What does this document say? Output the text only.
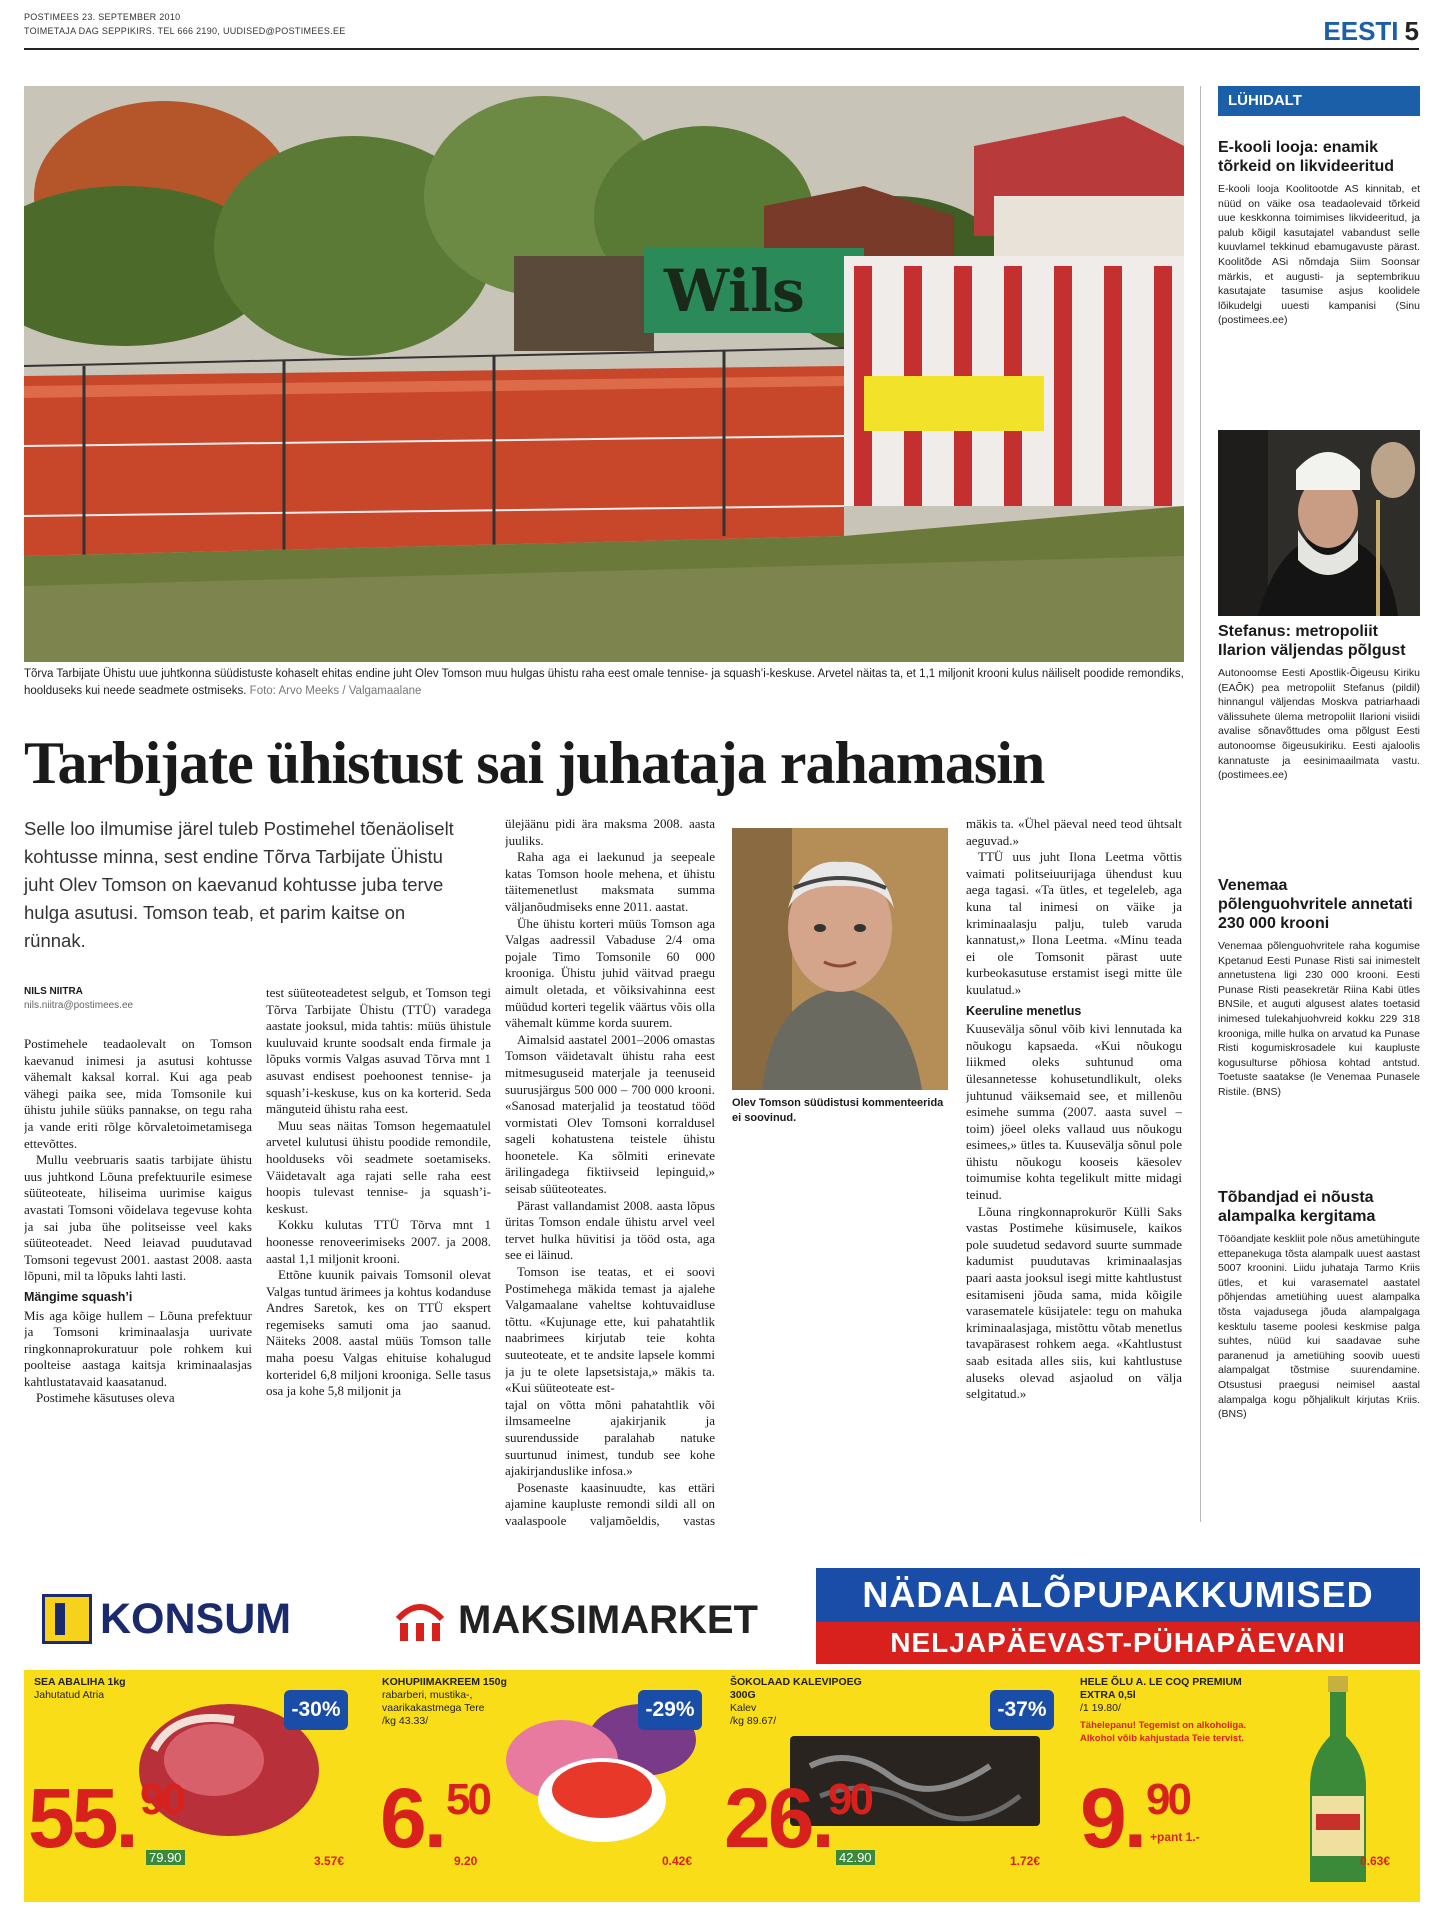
POSTIMEES 23. SEPTEMBER 2010
TOIMETAJA DAG SEPPIKIRS. TEL 666 2190, UUDISED@POSTIMEES.EE	EESTI 5
Wils
Tõrva Tarbijate Ühistu uue juhtkonna süüdistuste kohaselt ehitas endine juht Olev Tomson muu hulgas ühistu raha eest omale tennise- ja squash’i-keskuse. Arvetel näitas ta, et 1,1 miljonit krooni kulus näiliselt poodide remondiks, hoolduseks kui neede seadmete ostmiseks. Foto: Arvo Meeks / Valgamaalane
Tarbijate ühistust sai juhataja rahamasin
Selle loo ilmumise järel tuleb Postimehel tõenäoliselt kohtusse minna, sest endine Tõrva Tarbijate Ühistu juht Olev Tomson on kaevanud kohtusse juba terve hulga asutusi. Tomson teab, et parim kaitse on rünnak.
NILS NIITRA
nils.niitra@postimees.ee

Postimehele teadaolevalt on Tomson kaevanud inimesi ja asutusi kohtusse vähemalt kaksal korral. Kui aga peab vähegi paika see, mida Tomsonile kui ühistu juhile süüks pannakse, on tegu raha ja vande eriti rõlge kõrvaletoimetamisega ettevõttes.

Mullu veebruaris saatis tarbijate ühistu uus juhtkond Lõuna prefektuurile esimese süüteoteate, hiliseima uurimise kaigus avastati Tomsoni võidelava tegevuse kohta ja sai juba ühe politseisse veel kaks süüteoteadet. Need leiavad puudutavad Tomsoni tegevust 2001. aastast 2008. aasta lõpuni, mil ta lõpuks lahti lasti.

Mängime squash’i

Mis aga kõige hullem – Lõuna prefektuur ja Tomsoni kriminaalasja uurivate ringkonnaprokuratuur pole rohkem kui poolteise aastaga kaitsja kriminaalasjas kahtlustatavaid kaasatanud.

Postimehe käsutuses oleva

test süüteoteadetest selgub, et Tomson tegi Tõrva Tarbijate Ühistu (TTÜ) varadega aastate jooksul, mida tahtis: müüs ühistule kuuluvaid krunte soodsalt enda firmale ja lõpuks vormis Valgas asuvad Tõrva mnt 1 asuvast endisest poehoonest tennise- ja squash’i-keskuse, kus on ka korterid. Seda mänguteid ühistu raha eest.

Muu seas näitas Tomson hegemaatulel arvetel kulutusi ühistu poodide remondile, hoolduseks või seadmete soetamiseks. Väidetavalt aga rajati selle raha eest hoopis tulevast tennise- ja squash’i-keskust.

Kokku kulutas TTÜ Tõrva mnt 1 hoonesse renoveerimiseks 2007. ja 2008. aastal 1,1 miljonit krooni.

Ettõne kuunik paivais Tomsonil olevat Valgas tuntud ärimees ja kohtus kodanduse Andres Saretok, kes on TTÜ ekspert regemiseks samuti oma jao saanud. Näiteks 2008. aastal müüs Tomson talle maha poesu Valgas ehituise kohalugud korteridel 6,8 miljoni krooniga. Selle tasus osa ja kohe 5,8 miljonit ja

ülejäänu pidi ära maksma 2008. aasta juuliks.

Raha aga ei laekunud ja seepeale katas Tomson hoole mehena, et ühistu täitemenetlust maksmata summa väljanõudmiseks enne 2011. aastat.

Ühe ühistu korteri müüs Tomson aga Valgas aadressil Vabaduse 2/4 oma pojale Timo Tomsonile 60 000 krooniga. Ühistu juhid väitvad praegu aimult oletada, et võiksivahinna eest müüdud korteri tegelik väärtus võis olla vähemalt kümme korda suurem.

Aimalsid aastatel 2001–2006 omastas Tomson väidetavalt ühistu raha eest mitmesuguseid materjale ja teenuseid suurusjärgus 500 000 – 700 000 krooni. «Sanosad materjalid ja teostatud tööd vormistati Olev Tomsoni korraldusel sageli kohatustena teistele ühistu hoonetele. Ka sõlmiti erinevate ärilingadega fiktiivseid lepinguid,» seisab süüteoteates.

Pärast vallandamist 2008. aasta lõpus üritas Tomson endale ühistu arvel veel tervet hulka hüvitisi ja tööd osta, aga see ei läinud.

Tomson ise teatas, et ei soovi Postimehega mäkida temast ja ajalehe Valgamaalane vaheltse kohtuvaidluse tõttu. «Kujunage ette, kui pahatahtlik naabrimees kirjutab teie kohta suuteoteate, et te andsite lapsele kommi ja ju te olete lapsetsistaja,» mäkis ta. «Kui süüteoteate est-

tajal on võtta mõni pahatahtlik või ilmsameelne ajakirjanik ja suurendusside paralahab natuke suurtunud inimest, tundub see kohe ajakirjanduslike infosa.»

Posenaste kaasinuudte, kas ettäri ajamine kaupluste remondi sildi all on vaalaspoole valjamõeldis, vastas

Olev Tomson süüdistusi kommenteerida ei soovinud.

mäkis ta. «Ühel päeval need teod ühtsalt aeguvad.»

TTÜ uus juht Ilona Leetma võttis vaimati politseiuurijaga ühendust kuu aega tagasi. «Ta ütles, et tegeleleb, aga kuna tal inimesi on väike ja kriminaalasju palju, tuleb varuda kannatust,» Ilona Leetma. «Minu teada ei ole Tomsonit pärast uute kurbeokasutuse erstamist isegi mitte üle kuulatud.»

Keeruline menetlus

Kuusevälja sõnul võib kivi lennutada ka nõukogu kapsaeda. «Kui nõukogu liikmed oleks suhtunud oma ülesannetesse kohusetundlikult, oleks juhtunud väiksemaid see, et millenõu esimehe summa (2007. aasta suvel – toim) jöeel oleks vallaud uus nõukogu esimees,» ütles ta. Kuusevälja sõnul pole ühistu nõukogu kooseis käesolev toimumise kohta tegelikult mitte midagi teinud.

Lõuna ringkonnaprokurör Külli Saks vastas Postimehe küsimusele, kaikos pole suudetud sedavord suurte summade kadumist puudutavas kriminaalasjas paari aasta jooksul isegi mitte kahtlustust esitamiseni jõuda sama, mida kõigile varasematele küsijatele: tegu on mahuka kriminaalasjaga, mistõttu võtab menetlus tavapärasest rohkem aega. «Kahtlustust saab esitada alles siis, kui kahtlustuse aluseks olevad asjaolud on välja selgitatud.»

LÜHIDALT
E-kooli looja: enamik tõrkeid on likvideeritud

E-kooli looja Koolitootde AS kinnitab, et nüüd on väike osa teadaolevaid tõrkeid uue keskkonna toimimises likvideeritud, ja palub kõigil kasutajatel vabandust selle kuuvlamel tekkinud ebamugavuste pärast. Koolitõde ASi nõmdaja Siim Soonsar märkis, et augusti- ja septembrikuu kasutajate tasumise asjus koolidele lõikudelgi uuesti kampanisi (Sinu (postimees.ee)

Stefanus: metropoliit Ilarion väljendas põlgust

Autonoomse Eesti Apostlik-Õigeusu Kiriku (EAÕK) pea metropoliit Stefanus (pildil) hinnangul väljendas Moskva patriarhaadi välissuhete ülema metropoliit Ilarioni visiidi avalise sõnavõttudes oma põlgust Eesti autonoomse õigeusukiriku. Eesti ajaloolis kannatuste ja eesinimaailmata vastu. (postimees.ee)

Venemaa põlenguohvritele annetati 230 000 krooni

Venemaa põlenguohvritele raha kogumise Kpetanud Eesti Punase Risti sai inimestelt annetustena ligi 230 000 krooni. Eesti Punase Risti peasekretär Riina Kabi ütles BNSile, et auguti algusest alates toetasid inimesed tulekahjuohvreid kokku 229 318 krooniga, mille hulka on arvatud ka Punase Risti kogumiskrosadele kui kaupluste kogusulturse põhiosa kohtad antstud. Toetuste saatakse (le Venemaa Punasele Ristile. (BNS)

Tõbandjad ei nõusta alampalka kergitama

Tööandjate keskliit pole nõus ametühingute ettepanekuga tõsta alampalk uuest aastast 5007 kroonini. Liidu juhataja Tarmo Kriis ütles, et kui varasematel aastatel põhjendas ametiühing uuest alampalka tõsta vajadusega jõuda alampalgaga kesktulu taseme poolesi keskmise palga suhtes, nüüd kui saadavae suhe paranenud ja ametiühing soovib uuesti alampalgat tõstmise suurendamine. Otsustusi praegusi neimisel aastal alampalga kogu põhjalikult kirjutas Kriis. (BNS)

KONSUM	MAKSIMARKET
NÄDALALÕPUPAKKUMISED
NELJAPÄEVAST-PÜHAPÄEVANI
SEA ABALIHA 1kg
Jahutatud Atria
-30%
55. 90
79.90	3.57€
KOHUPIIMAKREEM 150g
rabarberi, mustika-, vaarikakastmega Tere
/kg 43.33/	-29%
6. 50
9.20	0.42€
ŠOKOLAAD KALEVIPOEG 300G
Kalev
/kg 89.67/	-37%
26.
90
42.90	1.72€
HELE ÕLU A. LE COQ PREMIUM EXTRA 0,5l
/1 19.80/
Tähelepanu! Tegemist on alkoholiga. Alkohol võib kahjustada Teie tervist.
9. 90
+pant 1.-
0.63€
